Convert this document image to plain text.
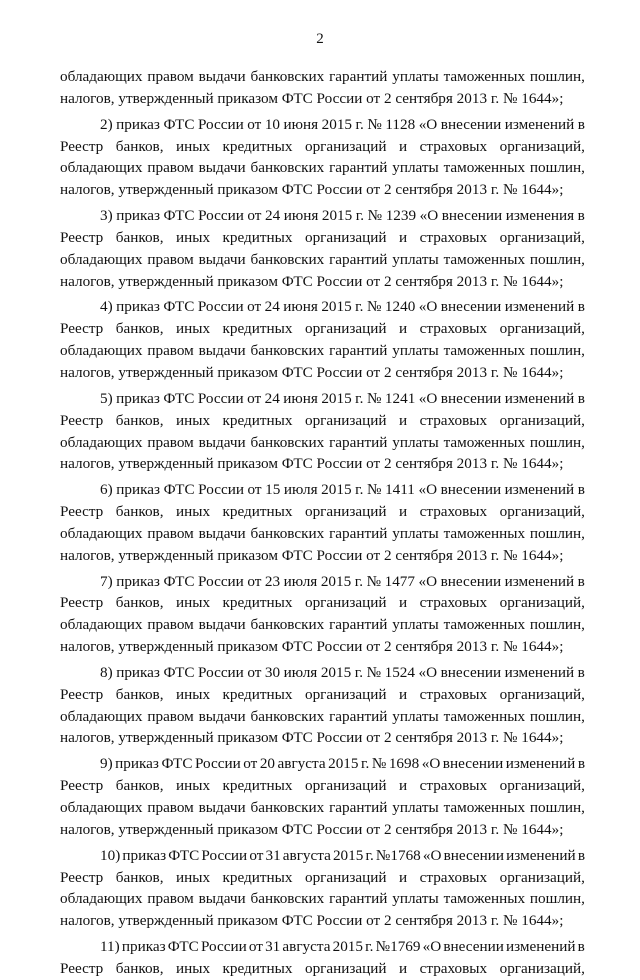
2
обладающих правом выдачи банковских гарантий уплаты таможенных пошлин,
налогов, утвержденный приказом ФТС России от 2 сентября 2013 г. № 1644»;
2) приказ ФТС России от 10 июня 2015 г. № 1128 «О внесении изменений в
Реестр банков, иных кредитных организаций и страховых организаций,
обладающих правом выдачи банковских гарантий уплаты таможенных пошлин,
налогов, утвержденный приказом ФТС России от 2 сентября 2013 г. № 1644»;
3) приказ ФТС России от 24 июня 2015 г. № 1239 «О внесении изменения в
Реестр банков, иных кредитных организаций и страховых организаций,
обладающих правом выдачи банковских гарантий уплаты таможенных пошлин,
налогов, утвержденный приказом ФТС России от 2 сентября 2013 г. № 1644»;
4) приказ ФТС России от 24 июня 2015 г. № 1240 «О внесении изменений в
Реестр банков, иных кредитных организаций и страховых организаций,
обладающих правом выдачи банковских гарантий уплаты таможенных пошлин,
налогов, утвержденный приказом ФТС России от 2 сентября 2013 г. № 1644»;
5) приказ ФТС России от 24 июня 2015 г. № 1241 «О внесении изменений в
Реестр банков, иных кредитных организаций и страховых организаций,
обладающих правом выдачи банковских гарантий уплаты таможенных пошлин,
налогов, утвержденный приказом ФТС России от 2 сентября 2013 г. № 1644»;
6) приказ ФТС России от 15 июля 2015 г. № 1411 «О внесении изменений в
Реестр банков, иных кредитных организаций и страховых организаций,
обладающих правом выдачи банковских гарантий уплаты таможенных пошлин,
налогов, утвержденный приказом ФТС России от 2 сентября 2013 г. № 1644»;
7) приказ ФТС России от 23 июля 2015 г. № 1477 «О внесении изменений в
Реестр банков, иных кредитных организаций и страховых организаций,
обладающих правом выдачи банковских гарантий уплаты таможенных пошлин,
налогов, утвержденный приказом ФТС России от 2 сентября 2013 г. № 1644»;
8) приказ ФТС России от 30 июля 2015 г. № 1524 «О внесении изменений в
Реестр банков, иных кредитных организаций и страховых организаций,
обладающих правом выдачи банковских гарантий уплаты таможенных пошлин,
налогов, утвержденный приказом ФТС России от 2 сентября 2013 г. № 1644»;
9) приказ ФТС России от 20 августа 2015 г. № 1698 «О внесении изменений в
Реестр банков, иных кредитных организаций и страховых организаций,
обладающих правом выдачи банковских гарантий уплаты таможенных пошлин,
налогов, утвержденный приказом ФТС России от 2 сентября 2013 г. № 1644»;
10) приказ ФТС России от 31 августа 2015 г. №1768 «О внесении изменений в
Реестр банков, иных кредитных организаций и страховых организаций,
обладающих правом выдачи банковских гарантий уплаты таможенных пошлин,
налогов, утвержденный приказом ФТС России от 2 сентября 2013 г. № 1644»;
11) приказ ФТС России от 31 августа 2015 г. №1769 «О внесении изменений в
Реестр банков, иных кредитных организаций и страховых организаций,
